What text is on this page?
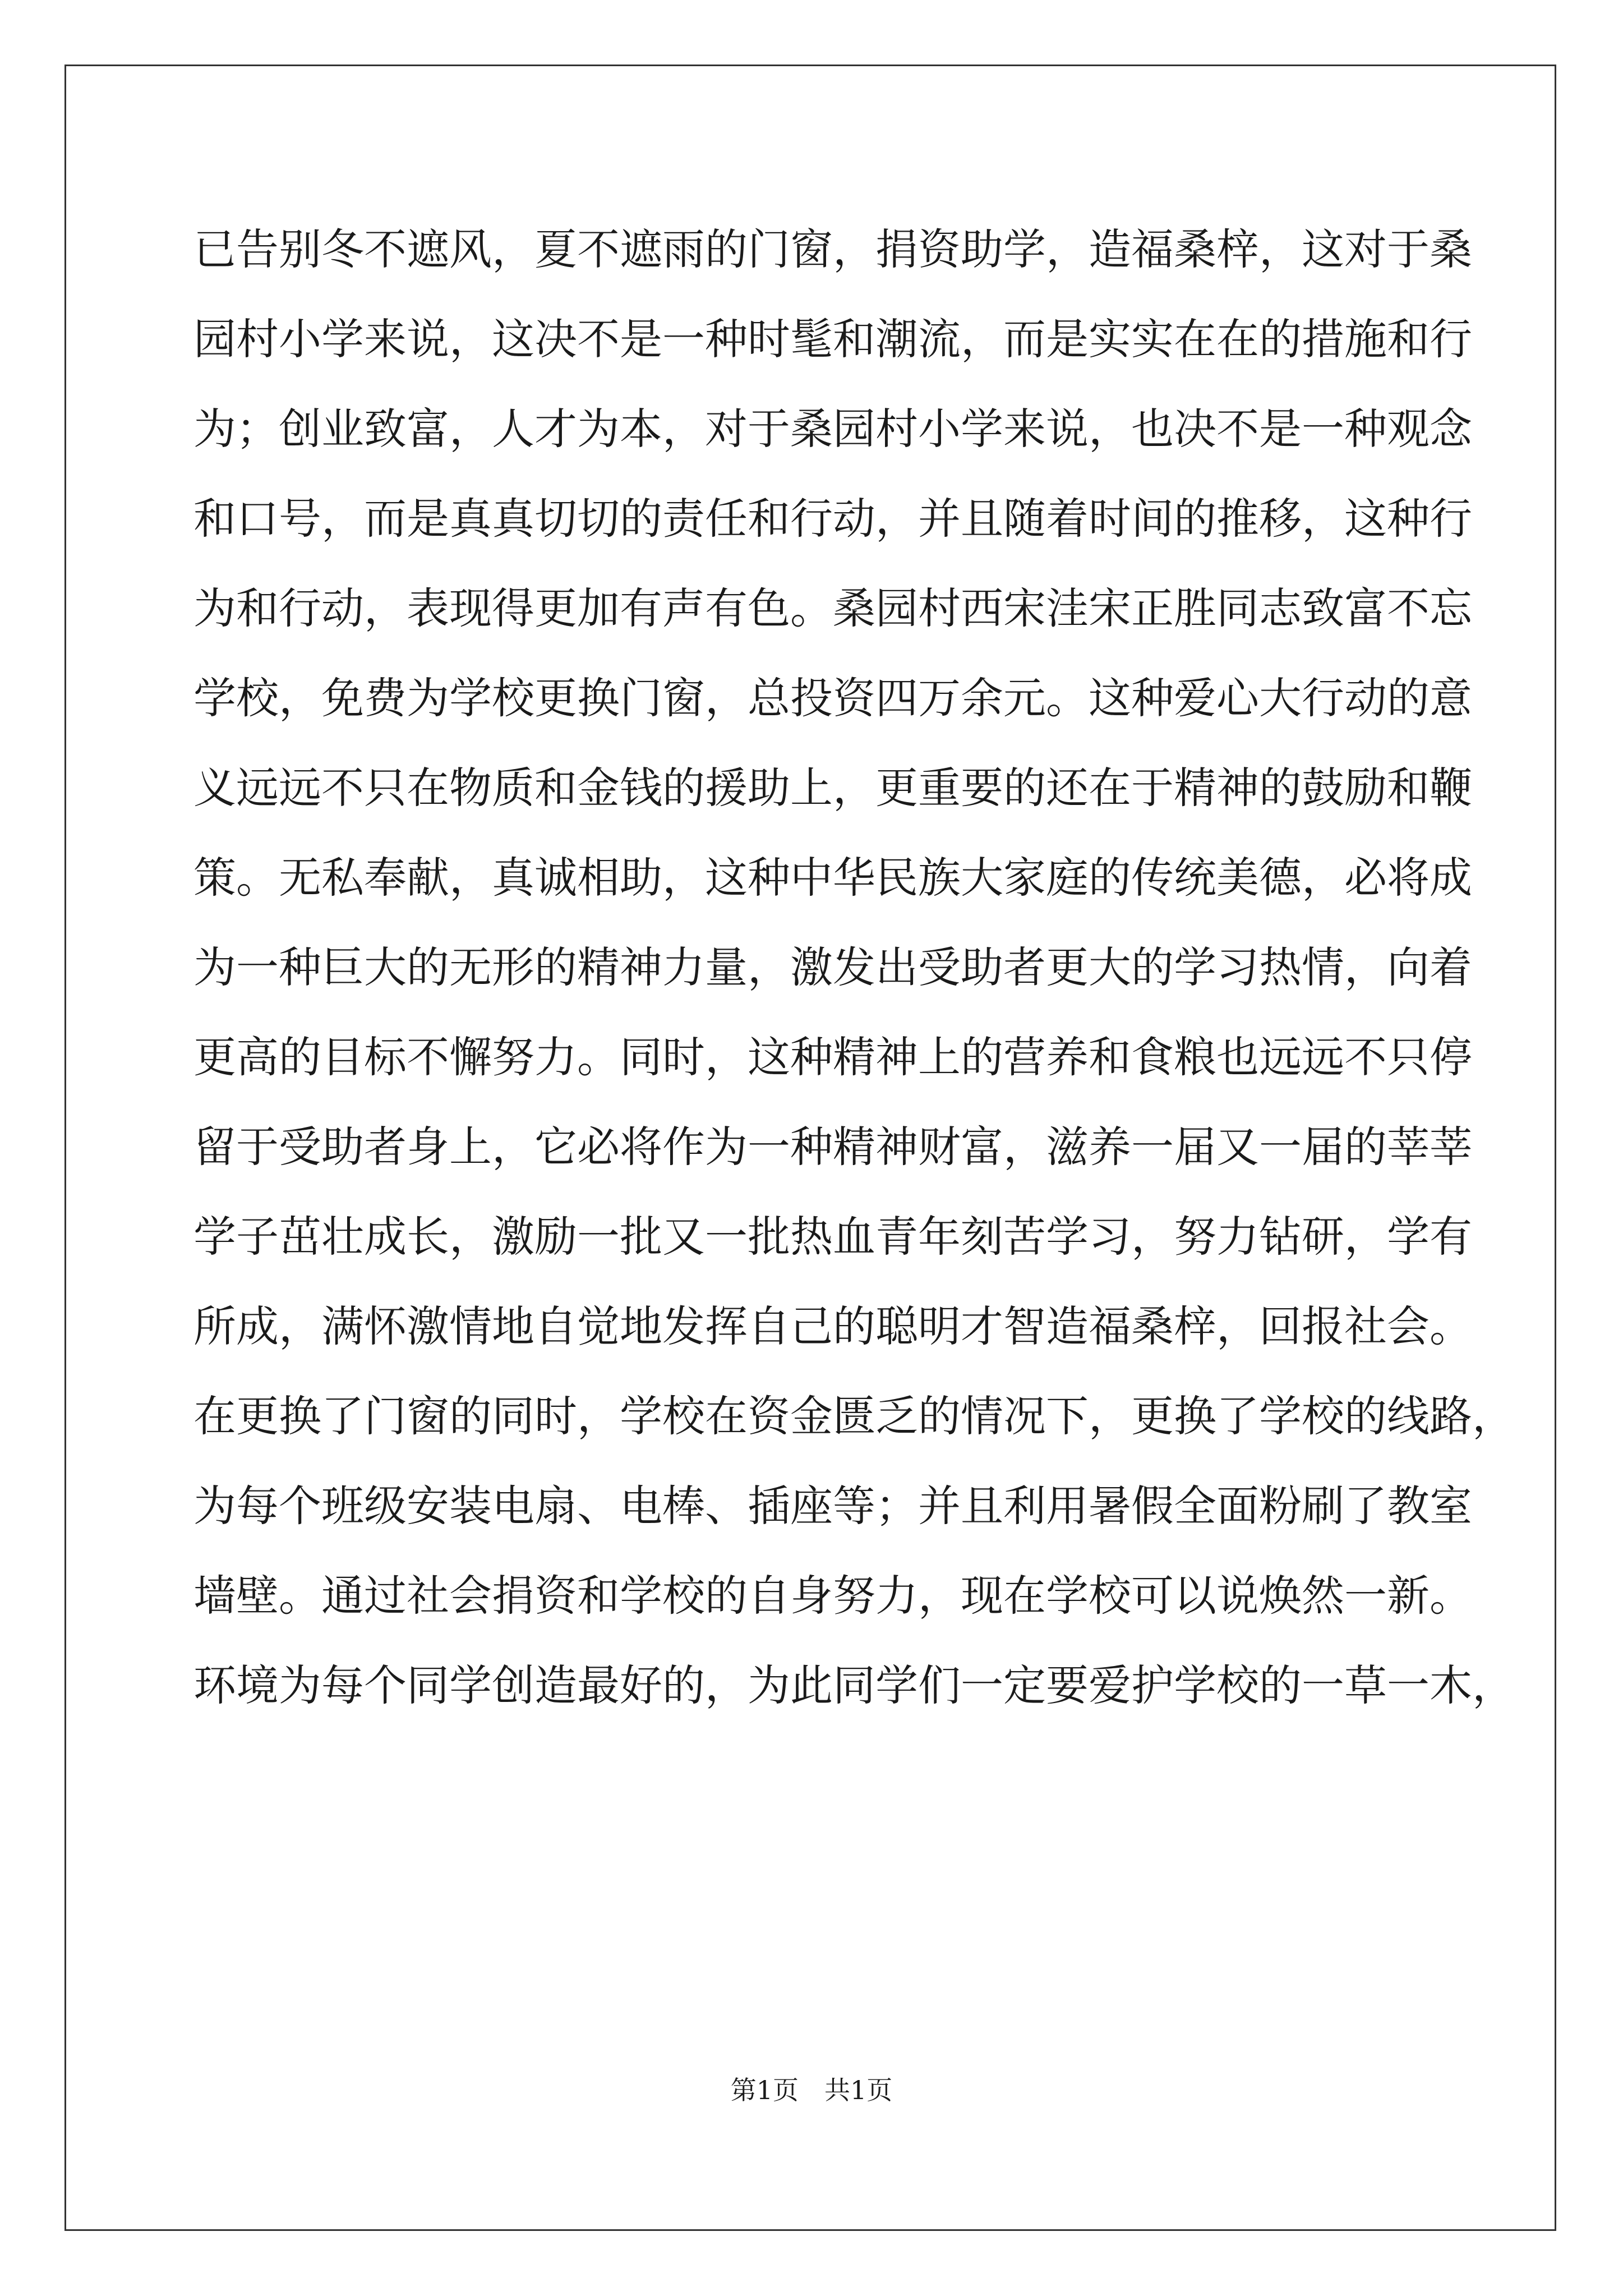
已告别冬不遮风，夏不遮雨的门窗，捐资助学，造福桑梓，这对于桑
园村小学来说，这决不是一种时髦和潮流，而是实实在在的措施和行
为；创业致富，人才为本，对于桑园村小学来说，也决不是一种观念
和口号，而是真真切切的责任和行动，并且随着时间的推移，这种行
为和行动，表现得更加有声有色。桑园村西宋洼宋正胜同志致富不忘
学校，免费为学校更换门窗，总投资四万余元。这种爱心大行动的意
义远远不只在物质和金钱的援助上，更重要的还在于精神的鼓励和鞭
策。无私奉献，真诚相助，这种中华民族大家庭的传统美德，必将成
为一种巨大的无形的精神力量，激发出受助者更大的学习热情，向着
更高的目标不懈努力。同时，这种精神上的营养和食粮也远远不只停
留于受助者身上，它必将作为一种精神财富，滋养一届又一届的莘莘
学子茁壮成长，激励一批又一批热血青年刻苦学习，努力钻研，学有
所成，满怀激情地自觉地发挥自己的聪明才智造福桑梓，回报社会。
在更换了门窗的同时，学校在资金匮乏的情况下，更换了学校的线路，
为每个班级安装电扇、电棒、插座等；并且利用暑假全面粉刷了教室
墙壁。通过社会捐资和学校的自身努力，现在学校可以说焕然一新。
环境为每个同学创造最好的，为此同学们一定要爱护学校的一草一木，
第1页　共1页
